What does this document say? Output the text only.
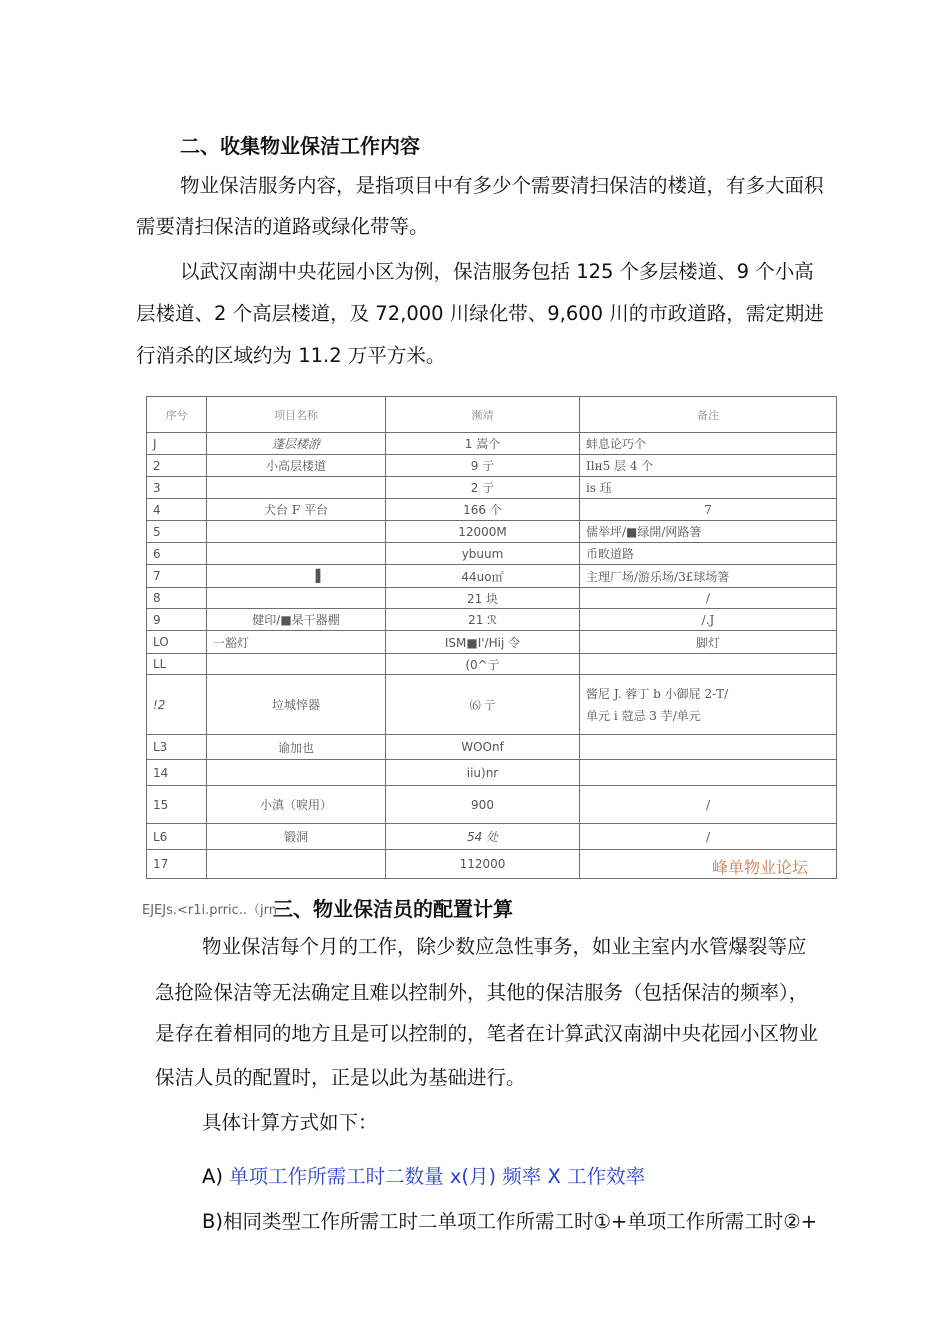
二、收集物业保洁工作内容
物业保洁服务内容，是指项目中有多少个需要清扫保洁的楼道，有多大面积
需要清扫保洁的道路或绿化带等。
以武汉南湖中央花园小区为例，保洁服务包括 125 个多层楼道、9 个小高
层楼道、2 个高层楼道，及 72,000 川绿化带、9,600 川的市政道路，需定期进
行消杀的区域约为 11.2 万平方米。
序兮	项目名称	濒靖	备注
J	蓬层楼游	1 嵩个	蚌息论巧个
2	小高层楼道	9 亍	Ilн5 层 4 个
3		2 亍	is 珏
4	犬台 F 平台	166 个	7
5		12000M	儒举坪/■绿開/网路箸
6		ybuum	币畋道路
7	▌	44uo㎡	主理厂场/游乐场/3£球场箸
8		21 块	/
9	健印/■杲干器棚	21 ℛ	/.J
LO	一豁灯	ISM■I'/Hij 令	脚灯
LL		(0^亍	
!2	垃城悴器	⑹ 亍	酱尼 J. 蓉丁 b 小御屁 2-T/
单元 i 蒄忌 3 芋/单元

L3	谕加也	WOOnf	
14		iiu)nr	
15	小滇（唳用）	900	/
L6	锻洞	54 处	/
17		112000	峰单物业论坛
EJEJs.<r1i.prric..（jrn
三、物业保洁员的配置计算
物业保洁每个月的工作，除少数应急性事务，如业主室内水管爆裂等应
急抢险保洁等无法确定且难以控制外，其他的保洁服务（包括保洁的频率），
是存在着相同的地方且是可以控制的，笔者在计算武汉南湖中央花园小区物业
保洁人员的配置时，正是以此为基础进行。
具体计算方式如下：
A) 单项工作所需工时二数量 x(月) 频率 X 工作效率
B)相同类型工作所需工时二单项工作所需工时①+单项工作所需工时②+
